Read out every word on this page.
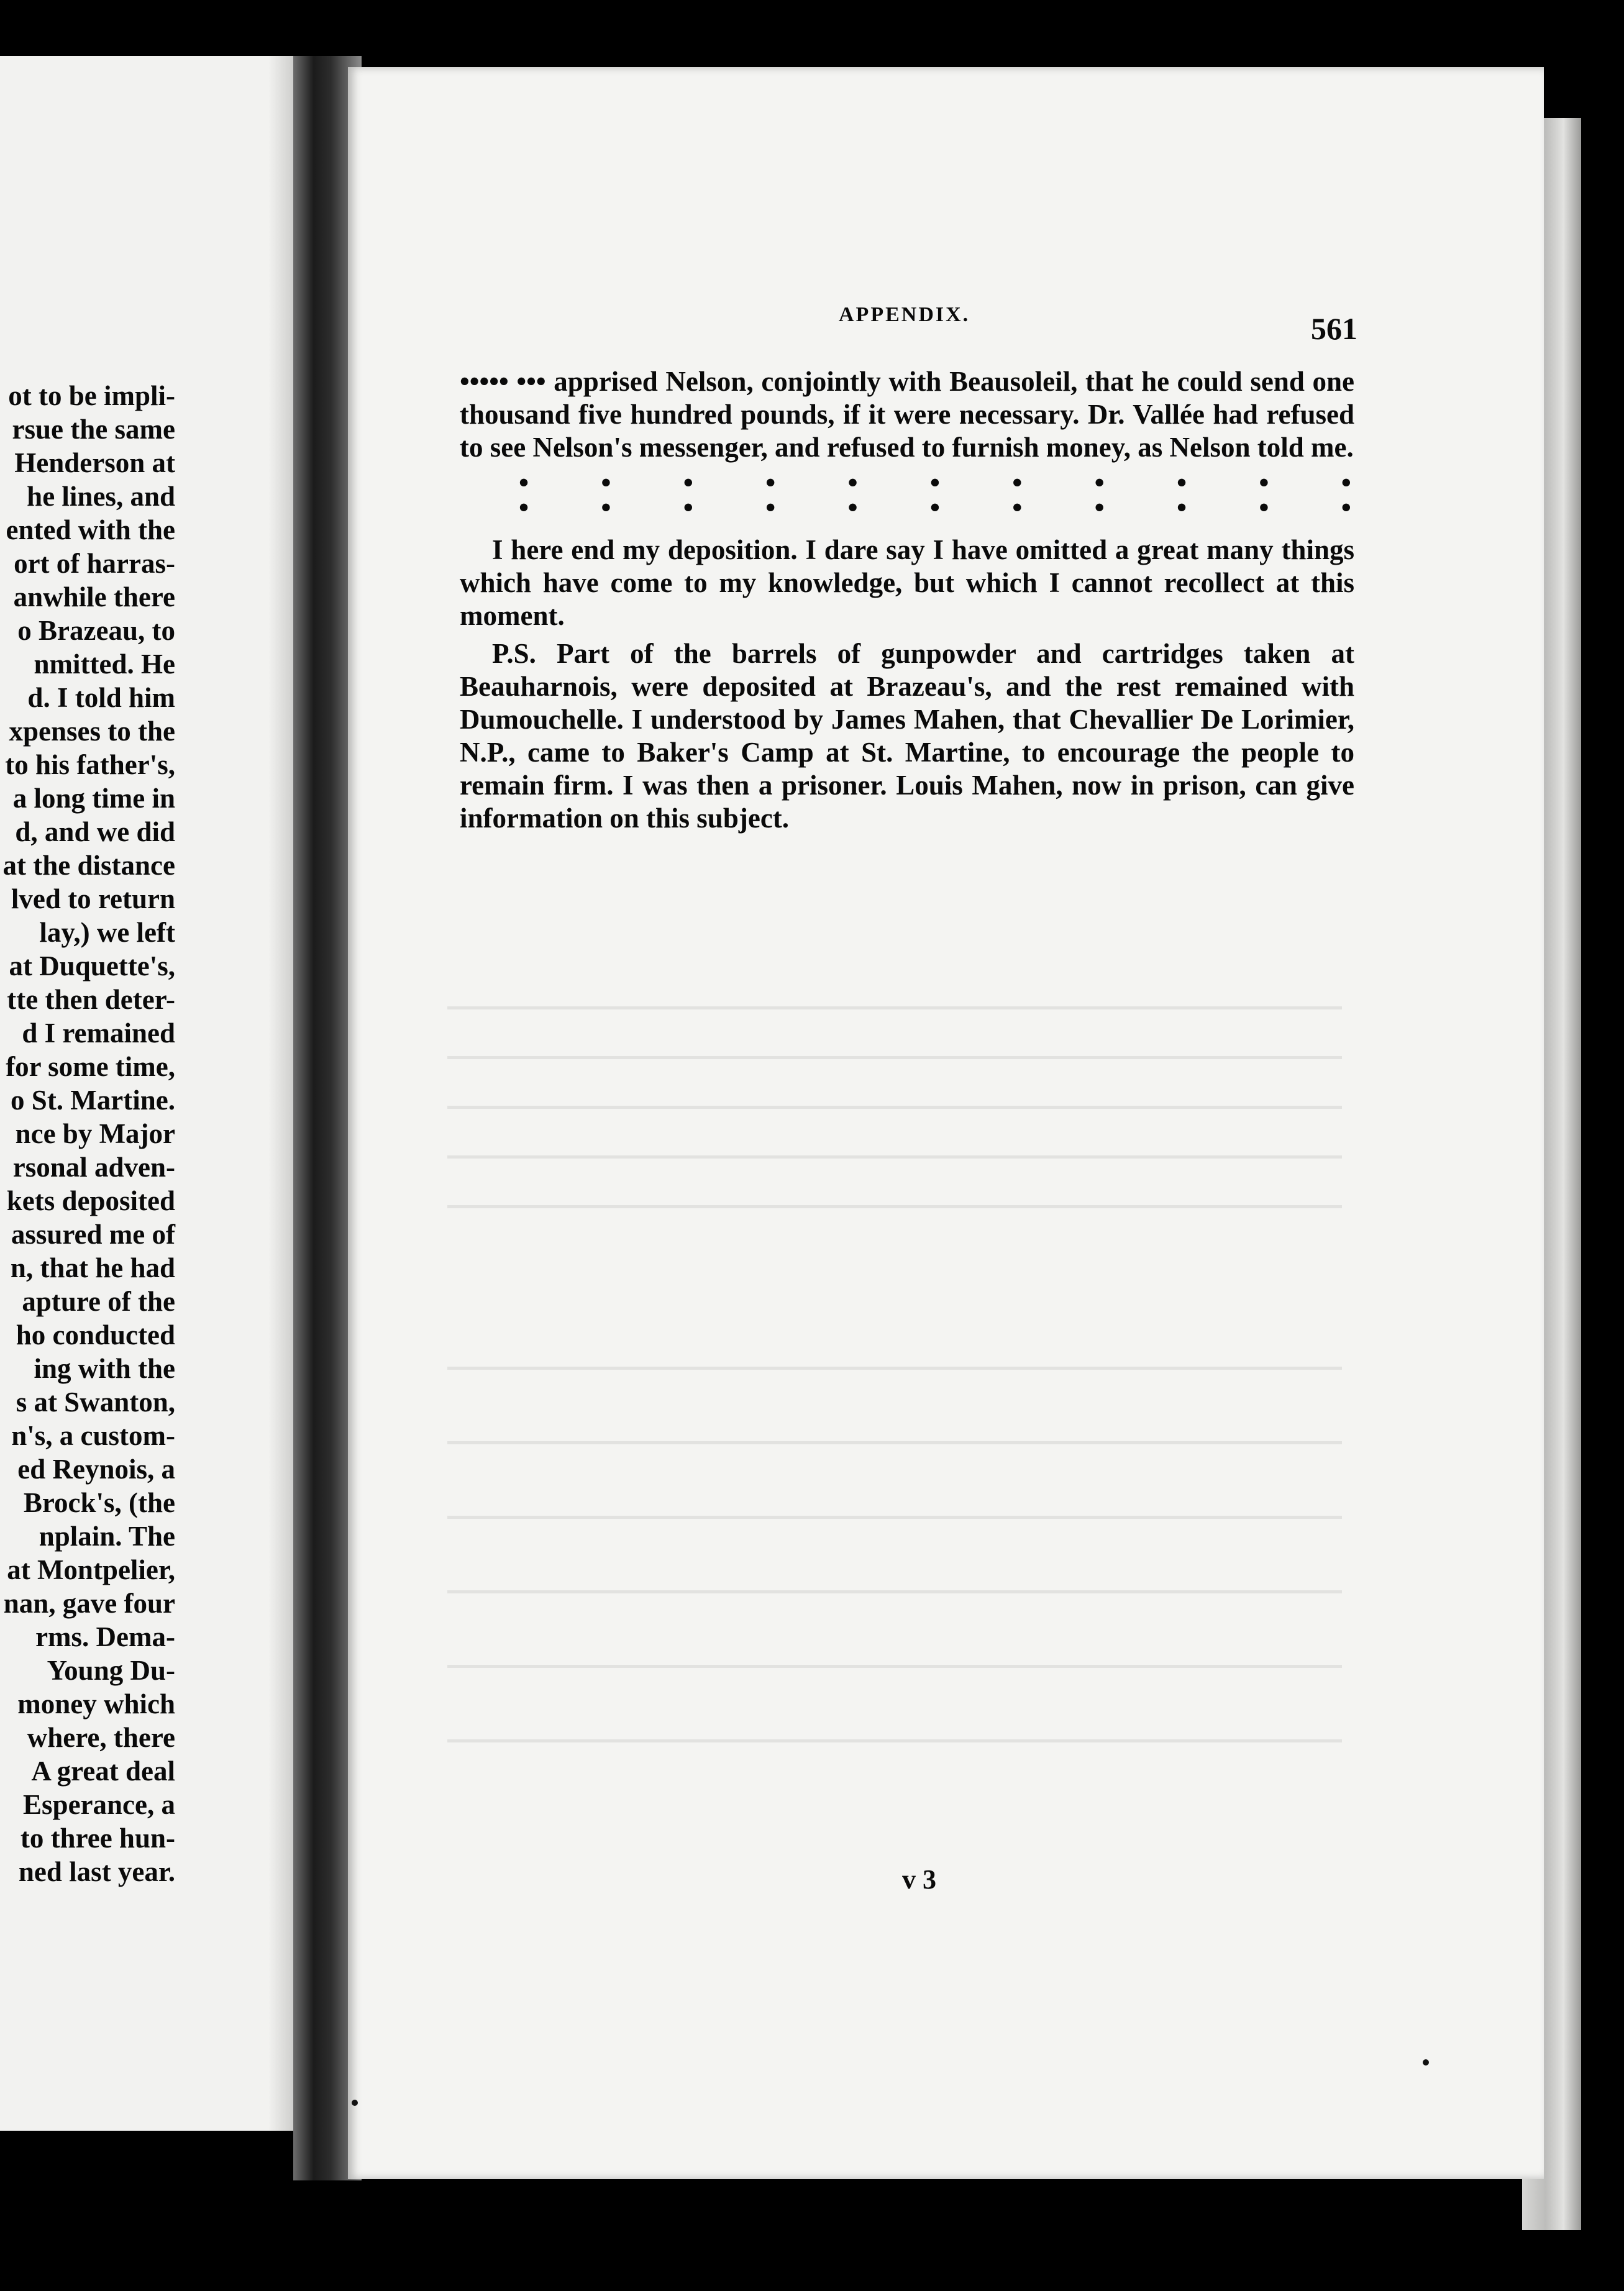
ot to be impli-
rsue the same
Henderson at
he lines, and
ented with the
ort of harras-
anwhile there
o Brazeau, to
nmitted. He
d. I told him
xpenses to the
to his father's,
a long time in
d, and we did
at the distance
lved to return
lay,) we left
at Duquette's,
tte then deter-
d I remained
for some time,
o St. Martine.
nce by Major
rsonal adven-
kets deposited
assured me of
n, that he had
apture of the
ho conducted
ing with the
s at Swanton,
n's, a custom-
ed Reynois, a
Brock's, (the
nplain. The
at Montpelier,
nan, gave four
rms. Dema-
Young Du-
money which
where, there
A great deal
Esperance, a
to three hun-
ned last year.
APPENDIX.	561

••••• ••• apprised Nelson, conjointly with Beausoleil, that he could send one thousand five hundred pounds, if it were necessary. Dr. Vallée had refused to see Nelson's messenger, and refused to furnish money, as Nelson told me.

•	•	•	•	•	•	•	•	•	•	•
•	•	•	•	•	•	•	•	•	•	•

I here end my deposition. I dare say I have omitted a great many things which have come to my knowledge, but which I cannot recollect at this moment.

P.S. Part of the barrels of gunpowder and cartridges taken at Beauharnois, were deposited at Brazeau's, and the rest remained with Dumouchelle. I understood by James Mahen, that Chevallier De Lorimier, N.P., came to Baker's Camp at St. Martine, to encourage the people to remain firm. I was then a prisoner. Louis Mahen, now in prison, can give information on this subject.

v 3
